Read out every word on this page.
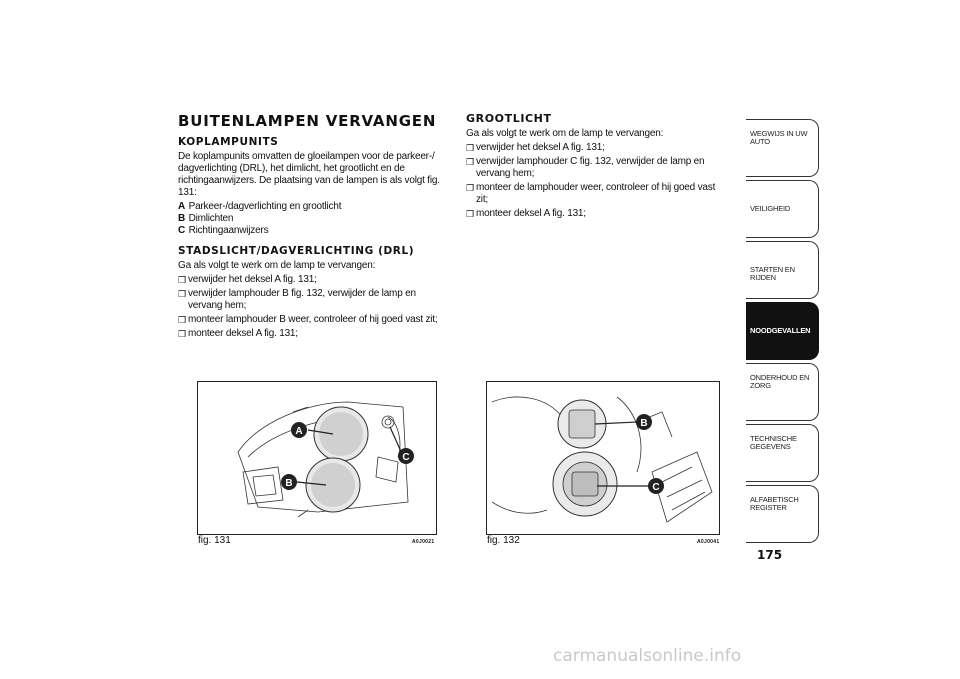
BUITENLAMPEN VERVANGEN
KOPLAMPUNITS

De koplampunits omvatten de gloeilampen voor de parkeer-/ dagverlichting (DRL), het dimlicht, het grootlicht en de richtingaanwijzers. De plaatsing van de lampen is als volgt fig. 131:

A Parkeer-/dagverlichting en grootlicht
B Dimlichten
C Richtingaanwijzers
STADSLICHT/DAGVERLICHTING (DRL)

Ga als volgt te werk om de lamp te vervangen:

❒ verwijder het deksel A fig. 131;
❒ verwijder lamphouder B fig. 132, verwijder de lamp en vervang hem;
❒ monteer lamphouder B weer, controleer of hij goed vast zit;
❒ monteer deksel A fig. 131;
GROOTLICHT

Ga als volgt te werk om de lamp te vervangen:

❒ verwijder het deksel A fig. 131;
❒ verwijder lamphouder C fig. 132, verwijder de lamp en vervang hem;
❒ monteer de lamphouder weer, controleer of hij goed vast zit;
❒ monteer deksel A fig. 131;
A
B
C
fig. 131	A0J0021
B
C
fig. 132	A0J0041
WEGWIJS IN UW AUTO
VEILIGHEID
STARTEN EN RIJDEN
NOODGEVALLEN
ONDERHOUD EN ZORG
TECHNISCHE GEGEVENS
ALFABETISCH REGISTER
175
carmanualsonline.info
